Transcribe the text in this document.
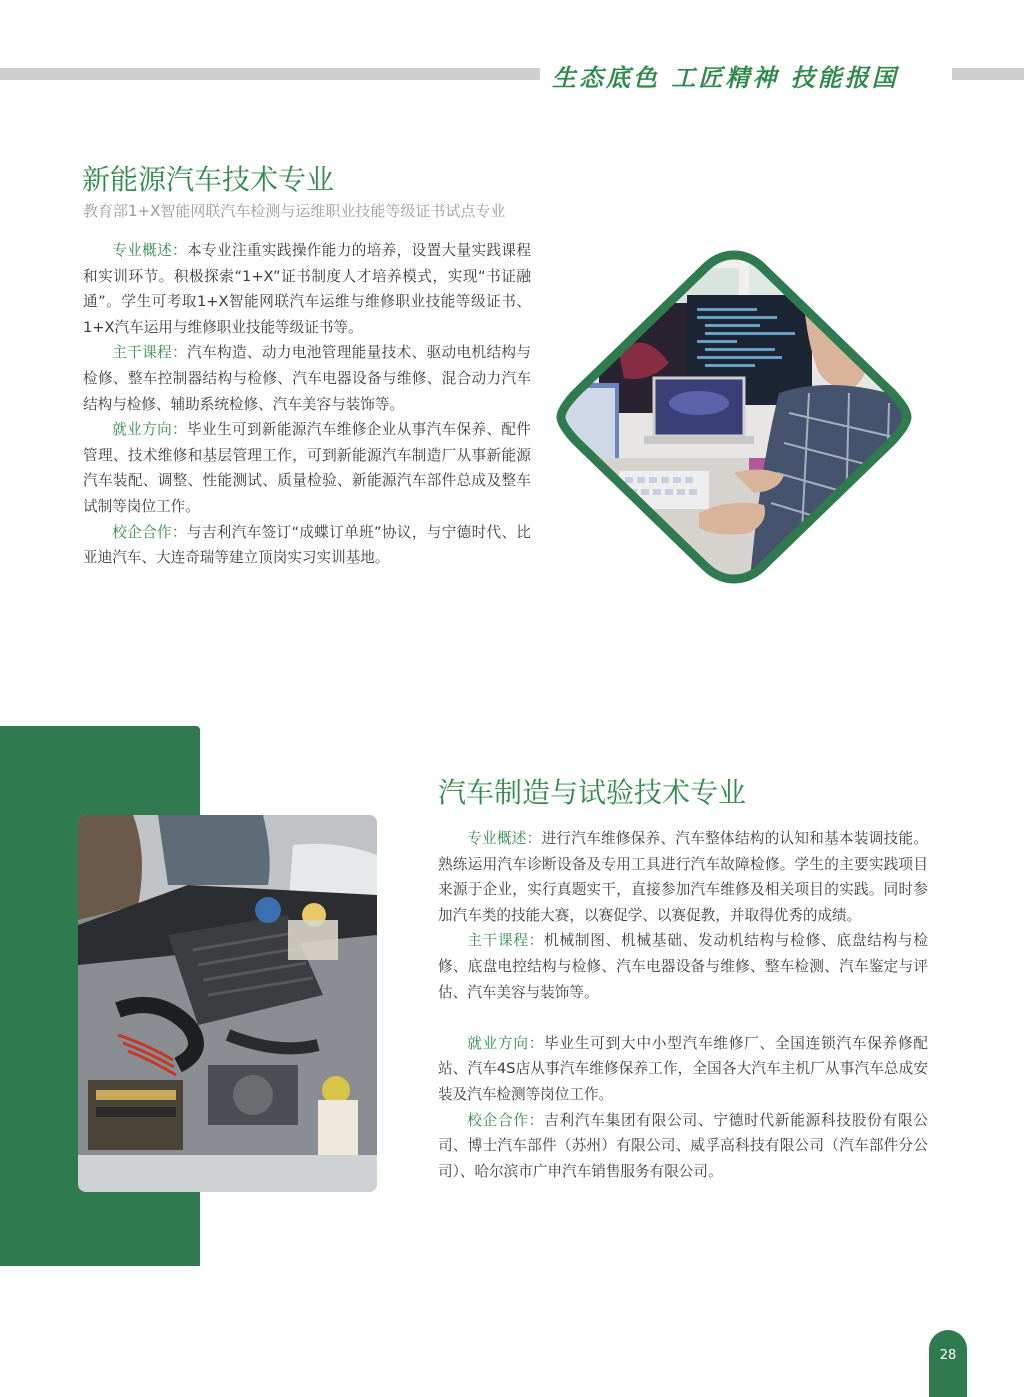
生态底色 工匠精神 技能报国
新能源汽车技术专业
教育部1+X智能网联汽车检测与运维职业技能等级证书试点专业

专业概述：本专业注重实践操作能力的培养，设置大量实践课程和实训环节。积极探索“1+X”证书制度人才培养模式，实现“书证融通”。学生可考取1+X智能网联汽车运维与维修职业技能等级证书、1+X汽车运用与维修职业技能等级证书等。

主干课程：汽车构造、动力电池管理能量技术、驱动电机结构与检修、整车控制器结构与检修、汽车电器设备与维修、混合动力汽车结构与检修、辅助系统检修、汽车美容与装饰等。

就业方向：毕业生可到新能源汽车维修企业从事汽车保养、配件管理、技术维修和基层管理工作，可到新能源汽车制造厂从事新能源汽车装配、调整、性能测试、质量检验、新能源汽车部件总成及整车试制等岗位工作。

校企合作：与吉利汽车签订“成蝶订单班”协议，与宁德时代、比亚迪汽车、大连奇瑞等建立顶岗实习实训基地。

汽车制造与试验技术专业

专业概述：进行汽车维修保养、汽车整体结构的认知和基本装调技能。熟练运用汽车诊断设备及专用工具进行汽车故障检修。学生的主要实践项目来源于企业，实行真题实干，直接参加汽车维修及相关项目的实践。同时参加汽车类的技能大赛，以赛促学、以赛促教，并取得优秀的成绩。

主干课程：机械制图、机械基础、发动机结构与检修、底盘结构与检修、底盘电控结构与检修、汽车电器设备与维修、整车检测、汽车鉴定与评估、汽车美容与装饰等。

就业方向：毕业生可到大中小型汽车维修厂、全国连锁汽车保养修配站、汽车4S店从事汽车维修保养工作，全国各大汽车主机厂从事汽车总成安装及汽车检测等岗位工作。

校企合作：吉利汽车集团有限公司、宁德时代新能源科技股份有限公司、博士汽车部件（苏州）有限公司、威孚高科技有限公司（汽车部件分公司）、哈尔滨市广申汽车销售服务有限公司。

28
